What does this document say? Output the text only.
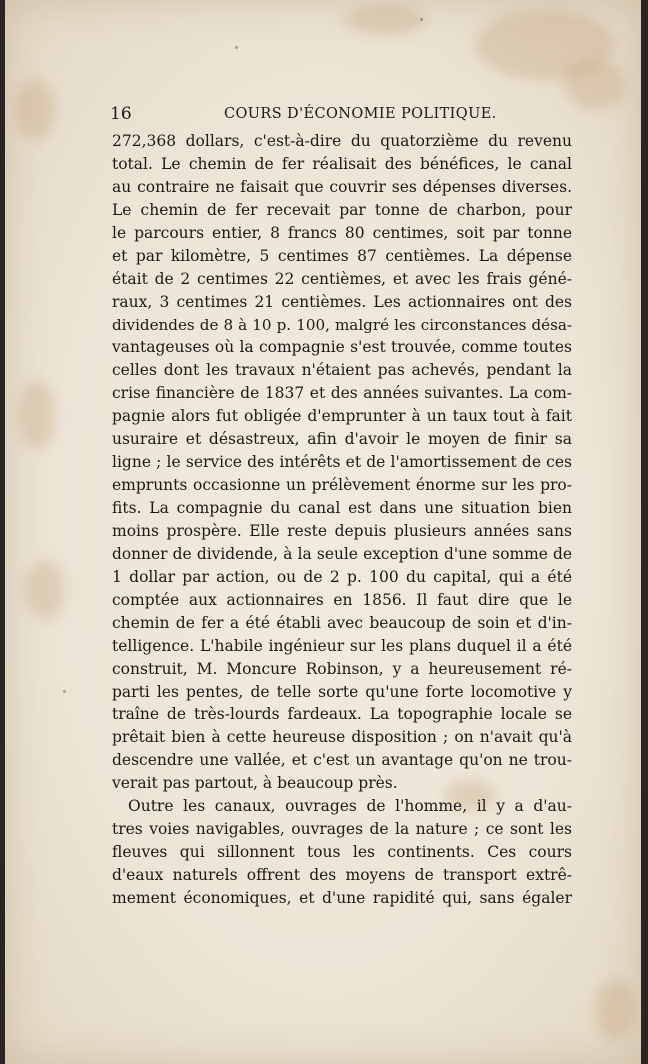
16	COURS D'ÉCONOMIE POLITIQUE.
272,368 dollars, c'est-à-dire du quatorzième du revenu
total. Le chemin de fer réalisait des bénéfices, le canal
au contraire ne faisait que couvrir ses dépenses diverses.
Le chemin de fer recevait par tonne de charbon, pour
le parcours entier, 8 francs 80 centimes, soit par tonne
et par kilomètre, 5 centimes 87 centièmes. La dépense
était de 2 centimes 22 centièmes, et avec les frais géné-
raux, 3 centimes 21 centièmes. Les actionnaires ont des
dividendes de 8 à 10 p. 100, malgré les circonstances désa-
vantageuses où la compagnie s'est trouvée, comme toutes
celles dont les travaux n'étaient pas achevés, pendant la
crise financière de 1837 et des années suivantes. La com-
pagnie alors fut obligée d'emprunter à un taux tout à fait
usuraire et désastreux, afin d'avoir le moyen de finir sa
ligne ; le service des intérêts et de l'amortissement de ces
emprunts occasionne un prélèvement énorme sur les pro-
fits. La compagnie du canal est dans une situation bien
moins prospère. Elle reste depuis plusieurs années sans
donner de dividende, à la seule exception d'une somme de
1 dollar par action, ou de 2 p. 100 du capital, qui a été
comptée aux actionnaires en 1856. Il faut dire que le
chemin de fer a été établi avec beaucoup de soin et d'in-
telligence. L'habile ingénieur sur les plans duquel il a été
construit, M. Moncure Robinson, y a heureusement ré-
parti les pentes, de telle sorte qu'une forte locomotive y
traîne de très-lourds fardeaux. La topographie locale se
prêtait bien à cette heureuse disposition ; on n'avait qu'à
descendre une vallée, et c'est un avantage qu'on ne trou-
verait pas partout, à beaucoup près.
Outre les canaux, ouvrages de l'homme, il y a d'au-
tres voies navigables, ouvrages de la nature ; ce sont les
fleuves qui sillonnent tous les continents. Ces cours
d'eaux naturels offrent des moyens de transport extrê-
mement économiques, et d'une rapidité qui, sans égaler
